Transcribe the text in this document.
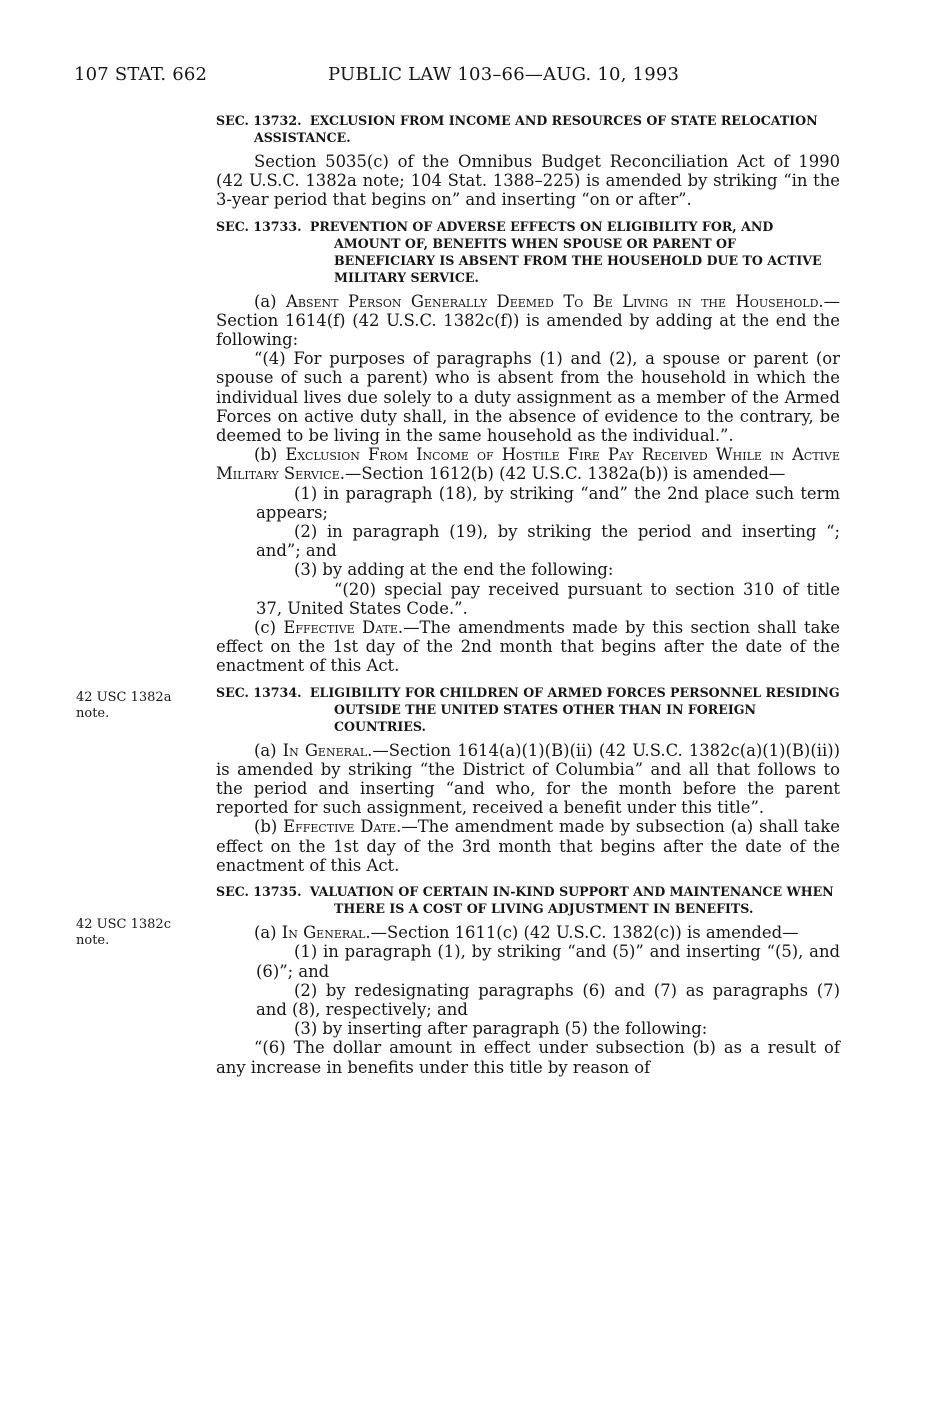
107 STAT. 662	PUBLIC LAW 103–66—AUG. 10, 1993
42 USC 1382a
note.
42 USC 1382c
note.
SEC. 13732. EXCLUSION FROM INCOME AND RESOURCES OF STATE RELOCATION ASSISTANCE.

Section 5035(c) of the Omnibus Budget Reconciliation Act of 1990 (42 U.S.C. 1382a note; 104 Stat. 1388–225) is amended by striking “in the 3-year period that begins on” and inserting “on or after”.

SEC. 13733. PREVENTION OF ADVERSE EFFECTS ON ELIGIBILITY FOR, AND AMOUNT OF, BENEFITS WHEN SPOUSE OR PARENT OF BENEFICIARY IS ABSENT FROM THE HOUSEHOLD DUE TO ACTIVE MILITARY SERVICE.

(a) Absent Person Generally Deemed To Be Living in the Household.—Section 1614(f) (42 U.S.C. 1382c(f)) is amended by adding at the end the following:

“(4) For purposes of paragraphs (1) and (2), a spouse or parent (or spouse of such a parent) who is absent from the household in which the individual lives due solely to a duty assignment as a member of the Armed Forces on active duty shall, in the absence of evidence to the contrary, be deemed to be living in the same household as the individual.”.

(b) Exclusion From Income of Hostile Fire Pay Received While in Active Military Service.—Section 1612(b) (42 U.S.C. 1382a(b)) is amended—

(1) in paragraph (18), by striking “and” the 2nd place such term appears;

(2) in paragraph (19), by striking the period and inserting “; and”; and

(3) by adding at the end the following:

“(20) special pay received pursuant to section 310 of title 37, United States Code.”.

(c) Effective Date.—The amendments made by this section shall take effect on the 1st day of the 2nd month that begins after the date of the enactment of this Act.

SEC. 13734. ELIGIBILITY FOR CHILDREN OF ARMED FORCES PERSONNEL RESIDING OUTSIDE THE UNITED STATES OTHER THAN IN FOREIGN COUNTRIES.

(a) In General.—Section 1614(a)(1)(B)(ii) (42 U.S.C. 1382c(a)(1)(B)(ii)) is amended by striking “the District of Columbia” and all that follows to the period and inserting “and who, for the month before the parent reported for such assignment, received a benefit under this title”.

(b) Effective Date.—The amendment made by subsection (a) shall take effect on the 1st day of the 3rd month that begins after the date of the enactment of this Act.

SEC. 13735. VALUATION OF CERTAIN IN-KIND SUPPORT AND MAINTENANCE WHEN THERE IS A COST OF LIVING ADJUSTMENT IN BENEFITS.

(a) In General.—Section 1611(c) (42 U.S.C. 1382(c)) is amended—

(1) in paragraph (1), by striking “and (5)” and inserting “(5), and (6)”; and

(2) by redesignating paragraphs (6) and (7) as paragraphs (7) and (8), respectively; and

(3) by inserting after paragraph (5) the following:

“(6) The dollar amount in effect under subsection (b) as a result of any increase in benefits under this title by reason of
